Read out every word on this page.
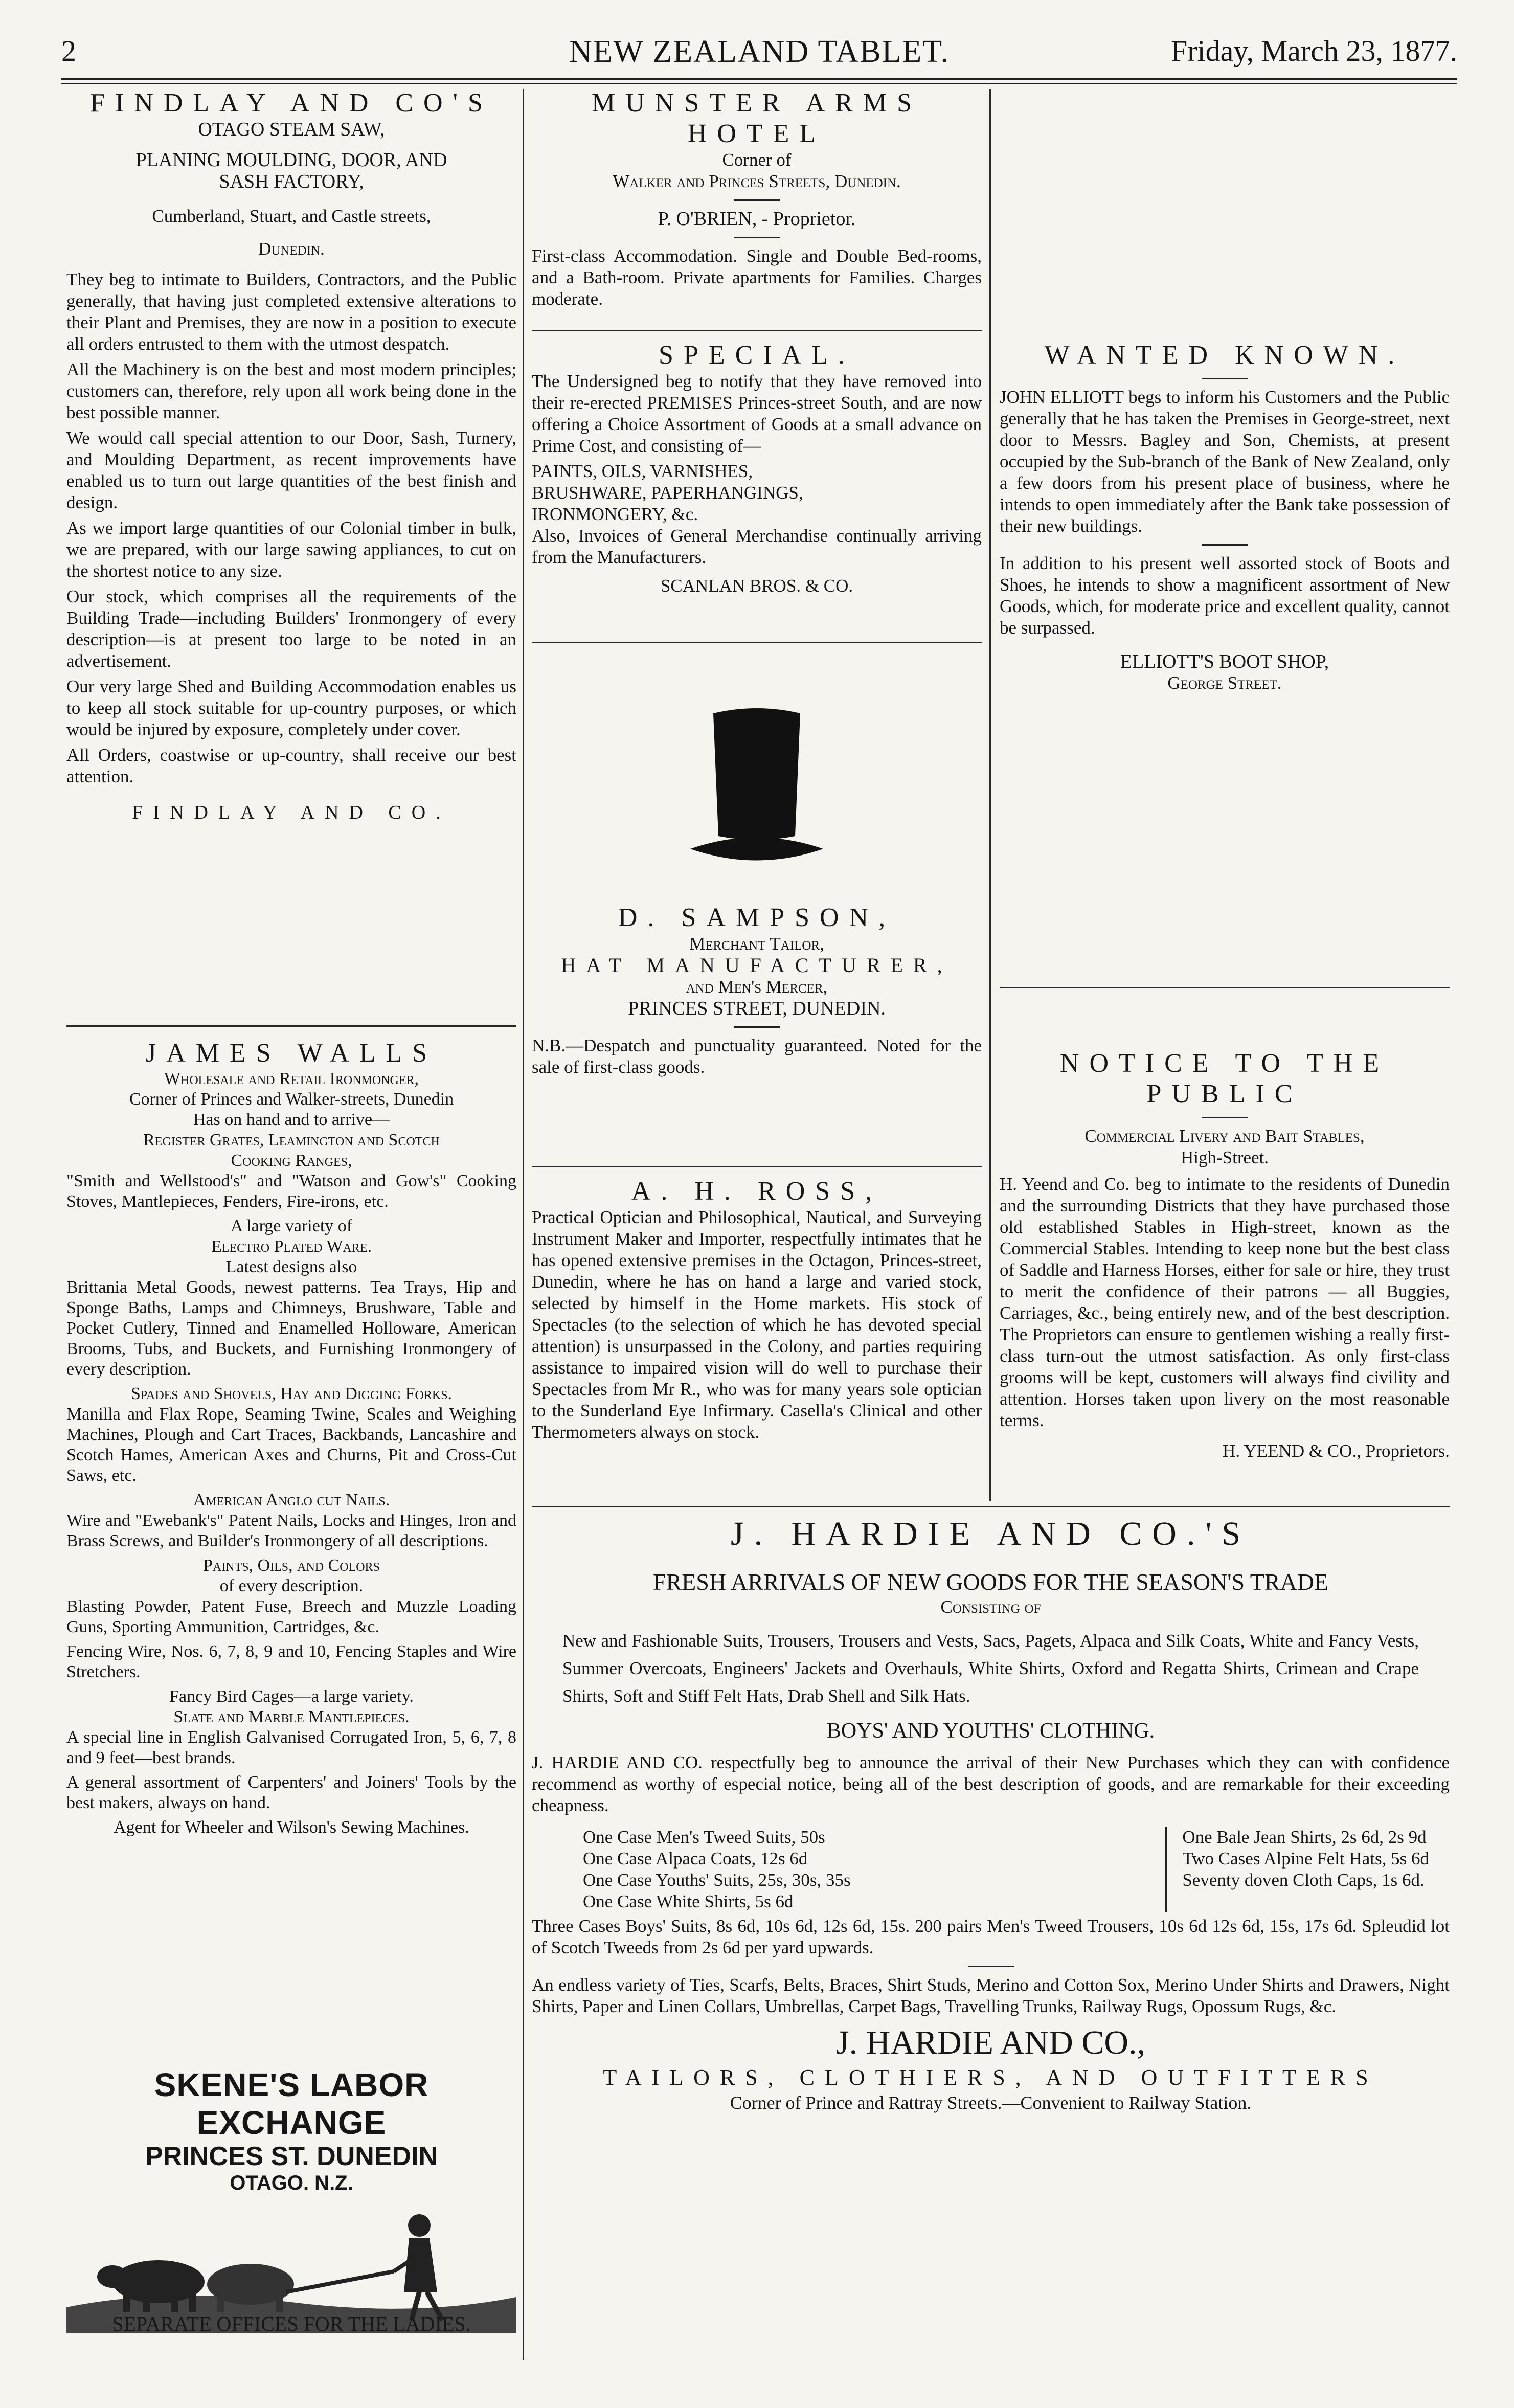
2	NEW ZEALAND TABLET.	Friday, March 23, 1877.
FINDLAY AND CO'S
OTAGO STEAM SAW,
PLANING MOULDING, DOOR, AND
SASH FACTORY,
Cumberland, Stuart, and Castle streets,
Dunedin.

They beg to intimate to Builders, Contractors, and the Public generally, that having just completed extensive alterations to their Plant and Premises, they are now in a position to execute all orders entrusted to them with the utmost despatch.

All the Machinery is on the best and most modern principles; customers can, therefore, rely upon all work being done in the best possible manner.

We would call special attention to our Door, Sash, Turnery, and Moulding Department, as recent improvements have enabled us to turn out large quantities of the best finish and design.

As we import large quantities of our Colonial timber in bulk, we are prepared, with our large sawing appliances, to cut on the shortest notice to any size.

Our stock, which comprises all the requirements of the Building Trade—including Builders' Ironmongery of every description—is at present too large to be noted in an advertisement.

Our very large Shed and Building Accommodation enables us to keep all stock suitable for up-country purposes, or which would be injured by exposure, completely under cover.

All Orders, coastwise or up-country, shall receive our best attention.

FINDLAY AND CO.
JAMES WALLS
Wholesale and Retail Ironmonger,
Corner of Princes and Walker-streets, Dunedin
Has on hand and to arrive—
Register Grates, Leamington and Scotch
Cooking Ranges,

"Smith and Wellstood's" and "Watson and Gow's" Cooking Stoves, Mantlepieces, Fenders, Fire-irons, etc.

A large variety of
Electro Plated Ware.
Latest designs also

Brittania Metal Goods, newest patterns. Tea Trays, Hip and Sponge Baths, Lamps and Chimneys, Brushware, Table and Pocket Cutlery, Tinned and Enamelled Holloware, American Brooms, Tubs, and Buckets, and Furnishing Ironmongery of every description.

Spades and Shovels, Hay and Digging Forks.

Manilla and Flax Rope, Seaming Twine, Scales and Weighing Machines, Plough and Cart Traces, Backbands, Lancashire and Scotch Hames, American Axes and Churns, Pit and Cross-Cut Saws, etc.

American Anglo cut Nails.

Wire and "Ewebank's" Patent Nails, Locks and Hinges, Iron and Brass Screws, and Builder's Ironmongery of all descriptions.

Paints, Oils, and Colors
of every description.

Blasting Powder, Patent Fuse, Breech and Muzzle Loading Guns, Sporting Ammunition, Cartridges, &c.

Fencing Wire, Nos. 6, 7, 8, 9 and 10, Fencing Staples and Wire Stretchers.

Fancy Bird Cages—a large variety.
Slate and Marble Mantlepieces.

A special line in English Galvanised Corrugated Iron, 5, 6, 7, 8 and 9 feet—best brands.

A general assortment of Carpenters' and Joiners' Tools by the best makers, always on hand.

Agent for Wheeler and Wilson's Sewing Machines.
SKENE'S LABOR EXCHANGE
PRINCES ST. DUNEDIN
OTAGO. N.Z.
SEPARATE OFFICES FOR THE LADIES.
MUNSTER ARMS HOTEL
Corner of
Walker and Princes Streets, Dunedin.
P. O'BRIEN, - Proprietor.

First-class Accommodation. Single and Double Bed-rooms, and a Bath-room. Private apartments for Families. Charges moderate.

SPECIAL.

The Undersigned beg to notify that they have removed into their re-erected PREMISES Princes-street South, and are now offering a Choice Assortment of Goods at a small advance on Prime Cost, and consisting of—

PAINTS, OILS, VARNISHES,
BRUSHWARE, PAPERHANGINGS,
IRONMONGERY, &c.

Also, Invoices of General Merchandise continually arriving from the Manufacturers.

SCANLAN BROS. & CO.
D. SAMPSON,
Merchant Tailor,
HAT MANUFACTURER,
and Men's Mercer,
PRINCES STREET, DUNEDIN.

N.B.—Despatch and punctuality guaranteed. Noted for the sale of first-class goods.

A. H. ROSS,

Practical Optician and Philosophical, Nautical, and Surveying Instrument Maker and Importer, respectfully intimates that he has opened extensive premises in the Octagon, Princes-street, Dunedin, where he has on hand a large and varied stock, selected by himself in the Home markets. His stock of Spectacles (to the selection of which he has devoted special attention) is unsurpassed in the Colony, and parties requiring assistance to impaired vision will do well to purchase their Spectacles from Mr R., who was for many years sole optician to the Sunderland Eye Infirmary. Casella's Clinical and other Thermometers always on stock.

WANTED KNOWN.

JOHN ELLIOTT begs to inform his Customers and the Public generally that he has taken the Premises in George-street, next door to Messrs. Bagley and Son, Chemists, at present occupied by the Sub-branch of the Bank of New Zealand, only a few doors from his present place of business, where he intends to open immediately after the Bank take possession of their new buildings.

In addition to his present well assorted stock of Boots and Shoes, he intends to show a magnificent assortment of New Goods, which, for moderate price and excellent quality, cannot be surpassed.

ELLIOTT'S BOOT SHOP,
George Street.
NOTICE TO THE PUBLIC
Commercial Livery and Bait Stables,
High-Street.

H. Yeend and Co. beg to intimate to the residents of Dunedin and the surrounding Districts that they have purchased those old established Stables in High-street, known as the Commercial Stables. Intending to keep none but the best class of Saddle and Harness Horses, either for sale or hire, they trust to merit the confidence of their patrons — all Buggies, Carriages, &c., being entirely new, and of the best description. The Proprietors can ensure to gentlemen wishing a really first-class turn-out the utmost satisfaction. As only first-class grooms will be kept, customers will always find civility and attention. Horses taken upon livery on the most reasonable terms.

H. YEEND & CO., Proprietors.
J. HARDIE AND CO.'S
FRESH ARRIVALS OF NEW GOODS FOR THE SEASON'S TRADE
Consisting of

New and Fashionable Suits, Trousers, Trousers and Vests, Sacs, Pagets, Alpaca and Silk Coats, White and Fancy Vests, Summer Overcoats, Engineers' Jackets and Overhauls, White Shirts, Oxford and Regatta Shirts, Crimean and Crape Shirts, Soft and Stiff Felt Hats, Drab Shell and Silk Hats.

BOYS' AND YOUTHS' CLOTHING.

J. HARDIE AND CO. respectfully beg to announce the arrival of their New Purchases which they can with confidence recommend as worthy of especial notice, being all of the best description of goods, and are remarkable for their exceeding cheapness.

One Case Men's Tweed Suits, 50s
One Case Alpaca Coats, 12s 6d
One Case Youths' Suits, 25s, 30s, 35s
One Case White Shirts, 5s 6d
One Bale Jean Shirts, 2s 6d, 2s 9d
Two Cases Alpine Felt Hats, 5s 6d
Seventy doven Cloth Caps, 1s 6d.

Three Cases Boys' Suits, 8s 6d, 10s 6d, 12s 6d, 15s. 200 pairs Men's Tweed Trousers, 10s 6d 12s 6d, 15s, 17s 6d. Spleudid lot of Scotch Tweeds from 2s 6d per yard upwards.

An endless variety of Ties, Scarfs, Belts, Braces, Shirt Studs, Merino and Cotton Sox, Merino Under Shirts and Drawers, Night Shirts, Paper and Linen Collars, Umbrellas, Carpet Bags, Travelling Trunks, Railway Rugs, Opossum Rugs, &c.

J. HARDIE AND CO.,
TAILORS, CLOTHIERS, AND OUTFITTERS
Corner of Prince and Rattray Streets.—Convenient to Railway Station.
